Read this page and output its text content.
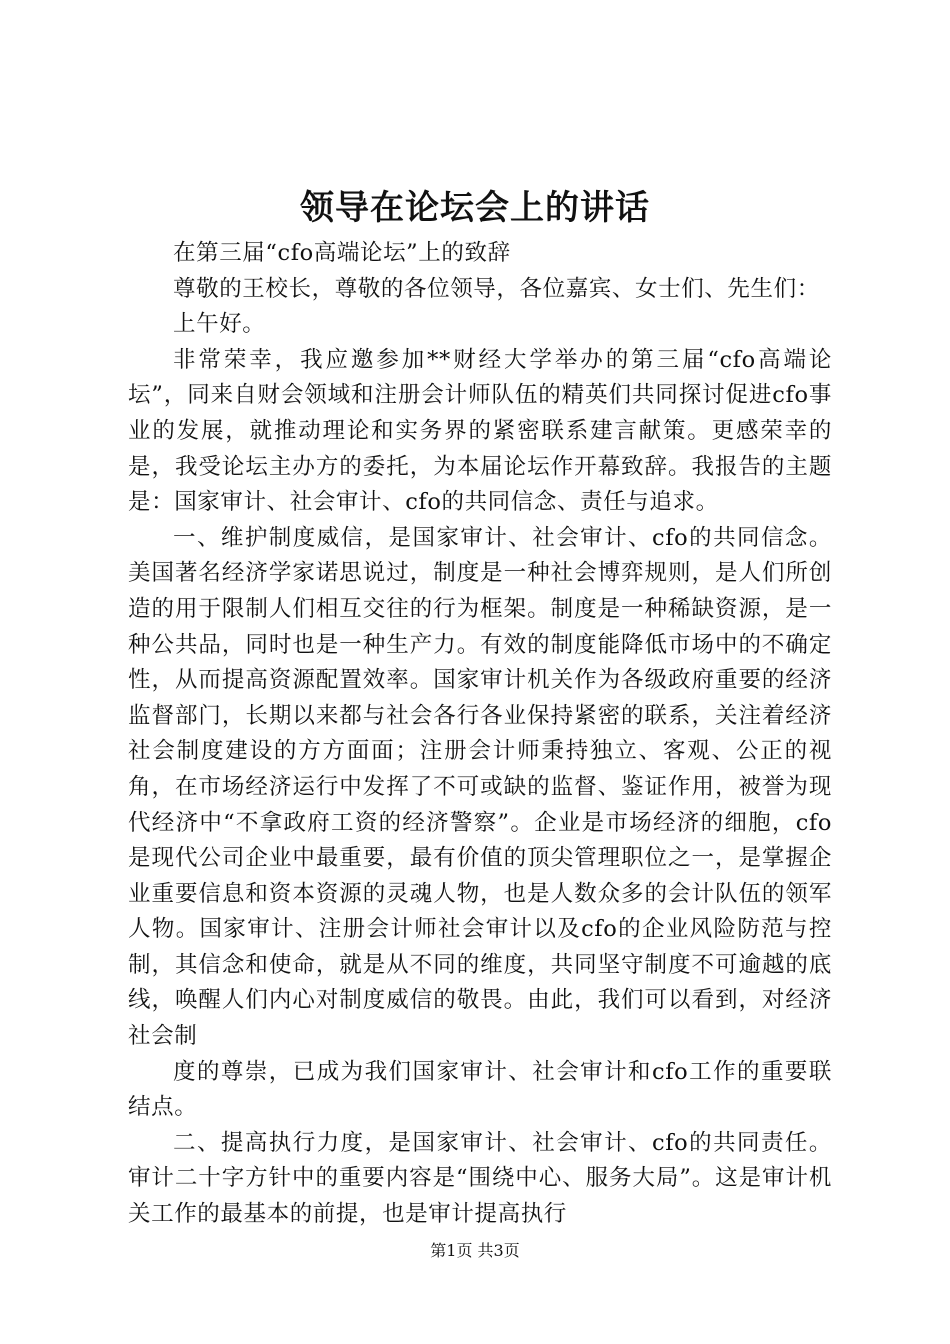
领导在论坛会上的讲话

在第三届“cfo高端论坛”上的致辞

尊敬的王校长，尊敬的各位领导，各位嘉宾、女士们、先生们：

上午好。

非常荣幸，我应邀参加**财经大学举办的第三届“cfo高端论坛”，同来自财会领域和注册会计师队伍的精英们共同探讨促进cfo事业的发展，就推动理论和实务界的紧密联系建言献策。更感荣幸的是，我受论坛主办方的委托，为本届论坛作开幕致辞。我报告的主题是：国家审计、社会审计、cfo的共同信念、责任与追求。

一、维护制度威信，是国家审计、社会审计、cfo的共同信念。美国著名经济学家诺思说过，制度是一种社会博弈规则，是人们所创造的用于限制人们相互交往的行为框架。制度是一种稀缺资源，是一种公共品，同时也是一种生产力。有效的制度能降低市场中的不确定性，从而提高资源配置效率。国家审计机关作为各级政府重要的经济监督部门，长期以来都与社会各行各业保持紧密的联系，关注着经济社会制度建设的方方面面；注册会计师秉持独立、客观、公正的视角，在市场经济运行中发挥了不可或缺的监督、鉴证作用，被誉为现代经济中“不拿政府工资的经济警察”。企业是市场经济的细胞，cfo是现代公司企业中最重要，最有价值的顶尖管理职位之一，是掌握企业重要信息和资本资源的灵魂人物，也是人数众多的会计队伍的领军人物。国家审计、注册会计师社会审计以及cfo的企业风险防范与控制，其信念和使命，就是从不同的维度，共同坚守制度不可逾越的底线，唤醒人们内心对制度威信的敬畏。由此，我们可以看到，对经济社会制

度的尊崇，已成为我们国家审计、社会审计和cfo工作的重要联结点。

二、提高执行力度，是国家审计、社会审计、cfo的共同责任。审计二十字方针中的重要内容是“围绕中心、服务大局”。这是审计机关工作的最基本的前提，也是审计提高执行

第1页 共3页
